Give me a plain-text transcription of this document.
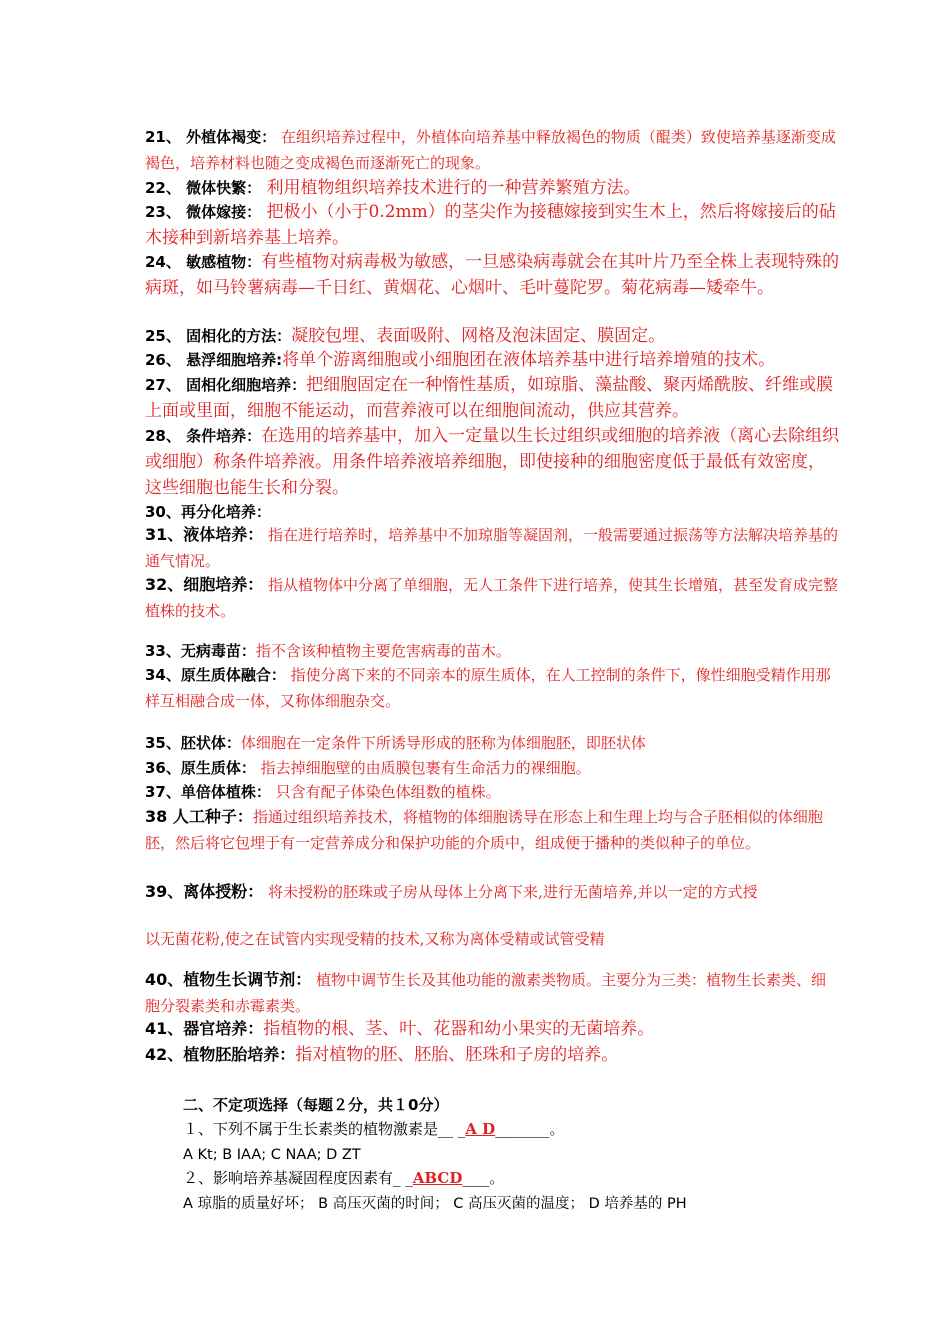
21、 外植体褐变： 在组织培养过程中，外植体向培养基中释放褐色的物质（醌类）致使培养基逐渐变成褐色，培养材料也随之变成褐色而逐渐死亡的现象。
22、 微体快繁： 利用植物组织培养技术进行的一种营养繁殖方法。
23、 微体嫁接： 把极小（小于0.2mm）的茎尖作为接穗嫁接到实生木上，然后将嫁接后的砧木接种到新培养基上培养。
24、 敏感植物：有些植物对病毒极为敏感，一旦感染病毒就会在其叶片乃至全株上表现特殊的病斑，如马铃薯病毒—千日红、黄烟花、心烟叶、毛叶蔓陀罗。菊花病毒—矮牵牛。
25、 固相化的方法：凝胶包埋、表面吸附、网格及泡沫固定、膜固定。
26、 悬浮细胞培养:将单个游离细胞或小细胞团在液体培养基中进行培养增殖的技术。
27、 固相化细胞培养：把细胞固定在一种惰性基质，如琼脂、藻盐酸、聚丙烯酰胺、纤维或膜上面或里面，细胞不能运动，而营养液可以在细胞间流动，供应其营养。
28、 条件培养：在选用的培养基中，加入一定量以生长过组织或细胞的培养液（离心去除组织或细胞）称条件培养液。用条件培养液培养细胞，即使接种的细胞密度低于最低有效密度，这些细胞也能生长和分裂。
30、再分化培养：
31、液体培养： 指在进行培养时，培养基中不加琼脂等凝固剂，一般需要通过振荡等方法解决培养基的通气情况。
32、细胞培养： 指从植物体中分离了单细胞，无人工条件下进行培养，使其生长增殖，甚至发育成完整植株的技术。
33、无病毒苗：指不含该种植物主要危害病毒的苗木。
34、原生质体融合： 指使分离下来的不同亲本的原生质体，在人工控制的条件下，像性细胞受精作用那样互相融合成一体，又称体细胞杂交。
35、胚状体：体细胞在一定条件下所诱导形成的胚称为体细胞胚，即胚状体
36、原生质体： 指去掉细胞壁的由质膜包裹有生命活力的裸细胞。
37、单倍体植株： 只含有配子体染色体组数的植株。
38 人工种子：指通过组织培养技术，将植物的体细胞诱导在形态上和生理上均与合子胚相似的体细胞胚，然后将它包埋于有一定营养成分和保护功能的介质中，组成便于播种的类似种子的单位。
39、离体授粉： 将未授粉的胚珠或子房从母体上分离下来,进行无菌培养,并以一定的方式授
以无菌花粉,使之在试管内实现受精的技术,又称为离体受精或试管受精
40、植物生长调节剂： 植物中调节生长及其他功能的激素类物质。主要分为三类：植物生长素类、细胞分裂素类和赤霉素类。
41、器官培养：指植物的根、茎、叶、花器和幼小果实的无菌培养。
42、植物胚胎培养：指对植物的胚、胚胎、胚珠和子房的培养。
二、不定项选择（每题２分，共１0分）
１、下列不属于生长素类的植物激素是__ _A D______。
A Kt; B IAA; C NAA; D ZT
２、影响培养基凝固程度因素有_ _ABCD___。
A 琼脂的质量好坏； B 高压灭菌的时间； C 高压灭菌的温度； D 培养基的 PH
